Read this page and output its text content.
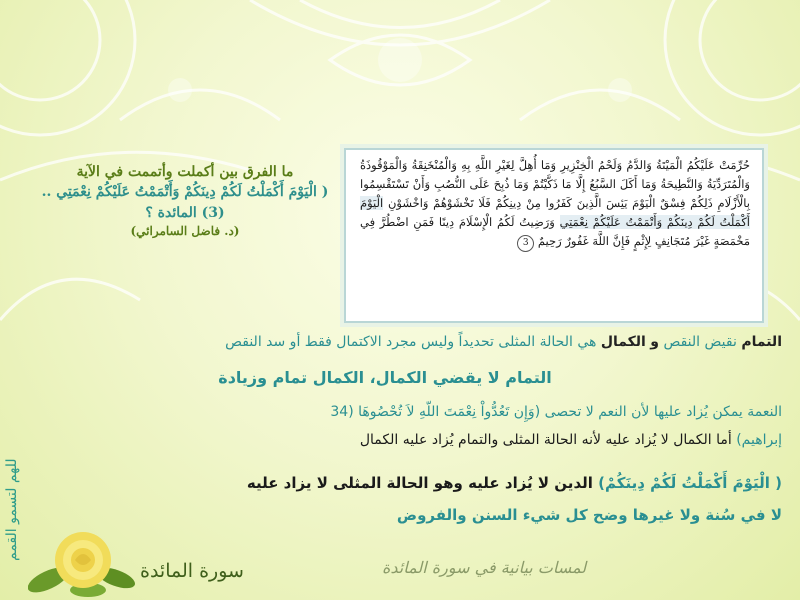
ما الفرق بين أكملت وأتممت في الآية
( الْيَوْمَ أَكْمَلْتُ لَكُمْ دِينَكُمْ وَأَتْمَمْتُ عَلَيْكُمْ نِعْمَتِي .. (3) المائدة ؟
(د. فاضل السامرائي)
حُرِّمَتْ عَلَيْكُمُ الْمَيْتَةُ وَالدَّمُ وَلَحْمُ الْخِنْزِيرِ وَمَا أُهِلَّ لِغَيْرِ اللَّهِ بِهِ وَالْمُنْخَنِقَةُ وَالْمَوْقُوذَةُ وَالْمُتَرَدِّيَةُ وَالنَّطِيحَةُ وَمَا أَكَلَ السَّبُعُ إِلَّا مَا ذَكَّيْتُمْ وَمَا ذُبِحَ عَلَى النُّصُبِ وَأَنْ تَسْتَقْسِمُوا بِالْأَزْلَامِ ذَلِكُمْ فِسْقٌ الْيَوْمَ يَئِسَ الَّذِينَ كَفَرُوا مِنْ دِينِكُمْ فَلَا تَخْشَوْهُمْ وَاخْشَوْنِ الْيَوْمَ أَكْمَلْتُ لَكُمْ دِينَكُمْ وَأَتْمَمْتُ عَلَيْكُمْ نِعْمَتِي وَرَضِيتُ لَكُمُ الْإِسْلَامَ دِينًا فَمَنِ اضْطُرَّ فِي مَخْمَصَةٍ غَيْرَ مُتَجَانِفٍ لِإِثْمٍ فَإِنَّ اللَّهَ غَفُورٌ رَحِيمٌ 3
التمام نقيض النقص و الكمال هي الحالة المثلى تحديداً وليس مجرد الاكتمال فقط أو سد النقص
التمام لا يقضي الكمال، الكمال تمام وزيادة
النعمة يمكن يُزاد عليها لأن النعم لا تحصى (وَإِن تَعُدُّواْ نِعْمَتَ اللّهِ لاَ تُحْصُوهَا (34
إبراهيم) أما الكمال لا يُزاد عليه لأنه الحالة المثلى والتمام يُزاد عليه الكمال
( الْيَوْمَ أَكْمَلْتُ لَكُمْ دِينَكُمْ) الدين لا يُزاد عليه وهو الحالة المثلى لا يزاد عليه
لا في سُنة ولا غيرها وضح كل شيء السنن والفروض
للهم لتسمو القمم
سورة المائدة	لمسات بيانية في سورة المائدة
